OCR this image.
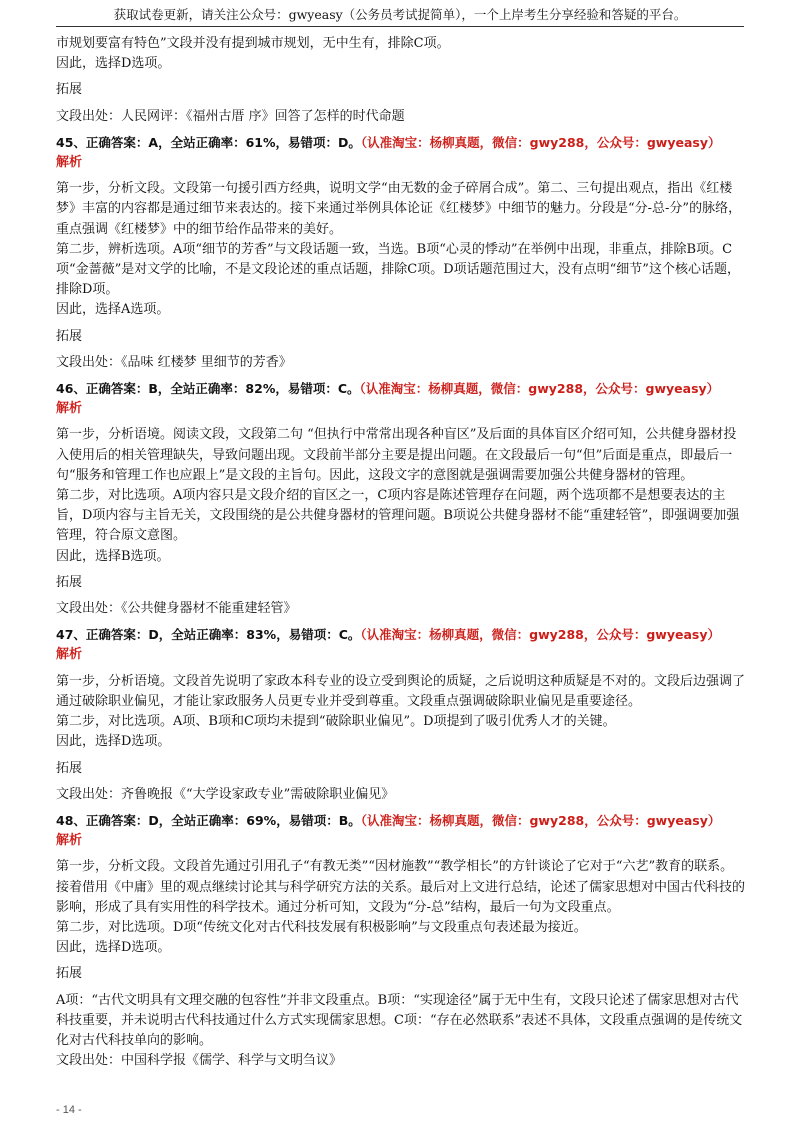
获取试卷更新，请关注公众号：gwyeasy（公务员考试捉简单），一个上岸考生分享经验和答疑的平台。

市规划要富有特色”文段并没有提到城市规划，无中生有，排除C项。

因此，选择D选项。

拓展

文段出处：人民网评：《福州古厝 序》回答了怎样的时代命题

45、正确答案：A，全站正确率：61%，易错项：D。（认准淘宝：杨柳真题，微信：gwy288，公众号：gwyeasy）

解析

第一步，分析文段。文段第一句援引西方经典，说明文学“由无数的金子碎屑合成”。第二、三句提出观点，指出《红楼梦》丰富的内容都是通过细节来表达的。接下来通过举例具体论证《红楼梦》中细节的魅力。分段是“分-总-分”的脉络，重点强调《红楼梦》中的细节给作品带来的美好。

第二步，辨析选项。A项“细节的芳香”与文段话题一致，当选。B项“心灵的悸动”在举例中出现，非重点，排除B项。C项“金蔷薇”是对文学的比喻，不是文段论述的重点话题，排除C项。D项话题范围过大，没有点明“细节”这个核心话题，排除D项。

因此，选择A选项。

拓展

文段出处：《品味 红楼梦 里细节的芳香》

46、正确答案：B，全站正确率：82%，易错项：C。（认准淘宝：杨柳真题，微信：gwy288，公众号：gwyeasy）

解析

第一步，分析语境。阅读文段，文段第二句 “但执行中常常出现各种盲区”及后面的具体盲区介绍可知，公共健身器材投入使用后的相关管理缺失，导致问题出现。文段前半部分主要是提出问题。在文段最后一句“但”后面是重点，即最后一句“服务和管理工作也应跟上”是文段的主旨句。因此，这段文字的意图就是强调需要加强公共健身器材的管理。

第二步，对比选项。A项内容只是文段介绍的盲区之一，C项内容是陈述管理存在问题，两个选项都不是想要表达的主旨，D项内容与主旨无关，文段围绕的是公共健身器材的管理问题。B项说公共健身器材不能“重建轻管”，即强调要加强管理，符合原文意图。

因此，选择B选项。

拓展

文段出处：《公共健身器材不能重建轻管》

47、正确答案：D，全站正确率：83%，易错项：C。（认准淘宝：杨柳真题，微信：gwy288，公众号：gwyeasy）

解析

第一步，分析语境。文段首先说明了家政本科专业的设立受到舆论的质疑，之后说明这种质疑是不对的。文段后边强调了通过破除职业偏见，才能让家政服务人员更专业并受到尊重。文段重点强调破除职业偏见是重要途径。

第二步，对比选项。A项、B项和C项均未提到“破除职业偏见”。D项提到了吸引优秀人才的关键。

因此，选择D选项。

拓展

文段出处：齐鲁晚报《“大学设家政专业”需破除职业偏见》

48、正确答案：D，全站正确率：69%，易错项：B。（认准淘宝：杨柳真题，微信：gwy288，公众号：gwyeasy）

解析

第一步，分析文段。文段首先通过引用孔子“有教无类”“因材施教”“教学相长”的方针谈论了它对于“六艺”教育的联系。接着借用《中庸》里的观点继续讨论其与科学研究方法的关系。最后对上文进行总结，论述了儒家思想对中国古代科技的影响，形成了具有实用性的科学技术。通过分析可知，文段为“分-总”结构，最后一句为文段重点。

第二步，对比选项。D项“传统文化对古代科技发展有积极影响”与文段重点句表述最为接近。

因此，选择D选项。

拓展

A项：“古代文明具有文理交融的包容性”并非文段重点。B项：“实现途径”属于无中生有，文段只论述了儒家思想对古代科技重要，并未说明古代科技通过什么方式实现儒家思想。C项：“存在必然联系”表述不具体，文段重点强调的是传统文化对古代科技单向的影响。

文段出处：中国科学报《儒学、科学与文明刍议》

- 14 -
